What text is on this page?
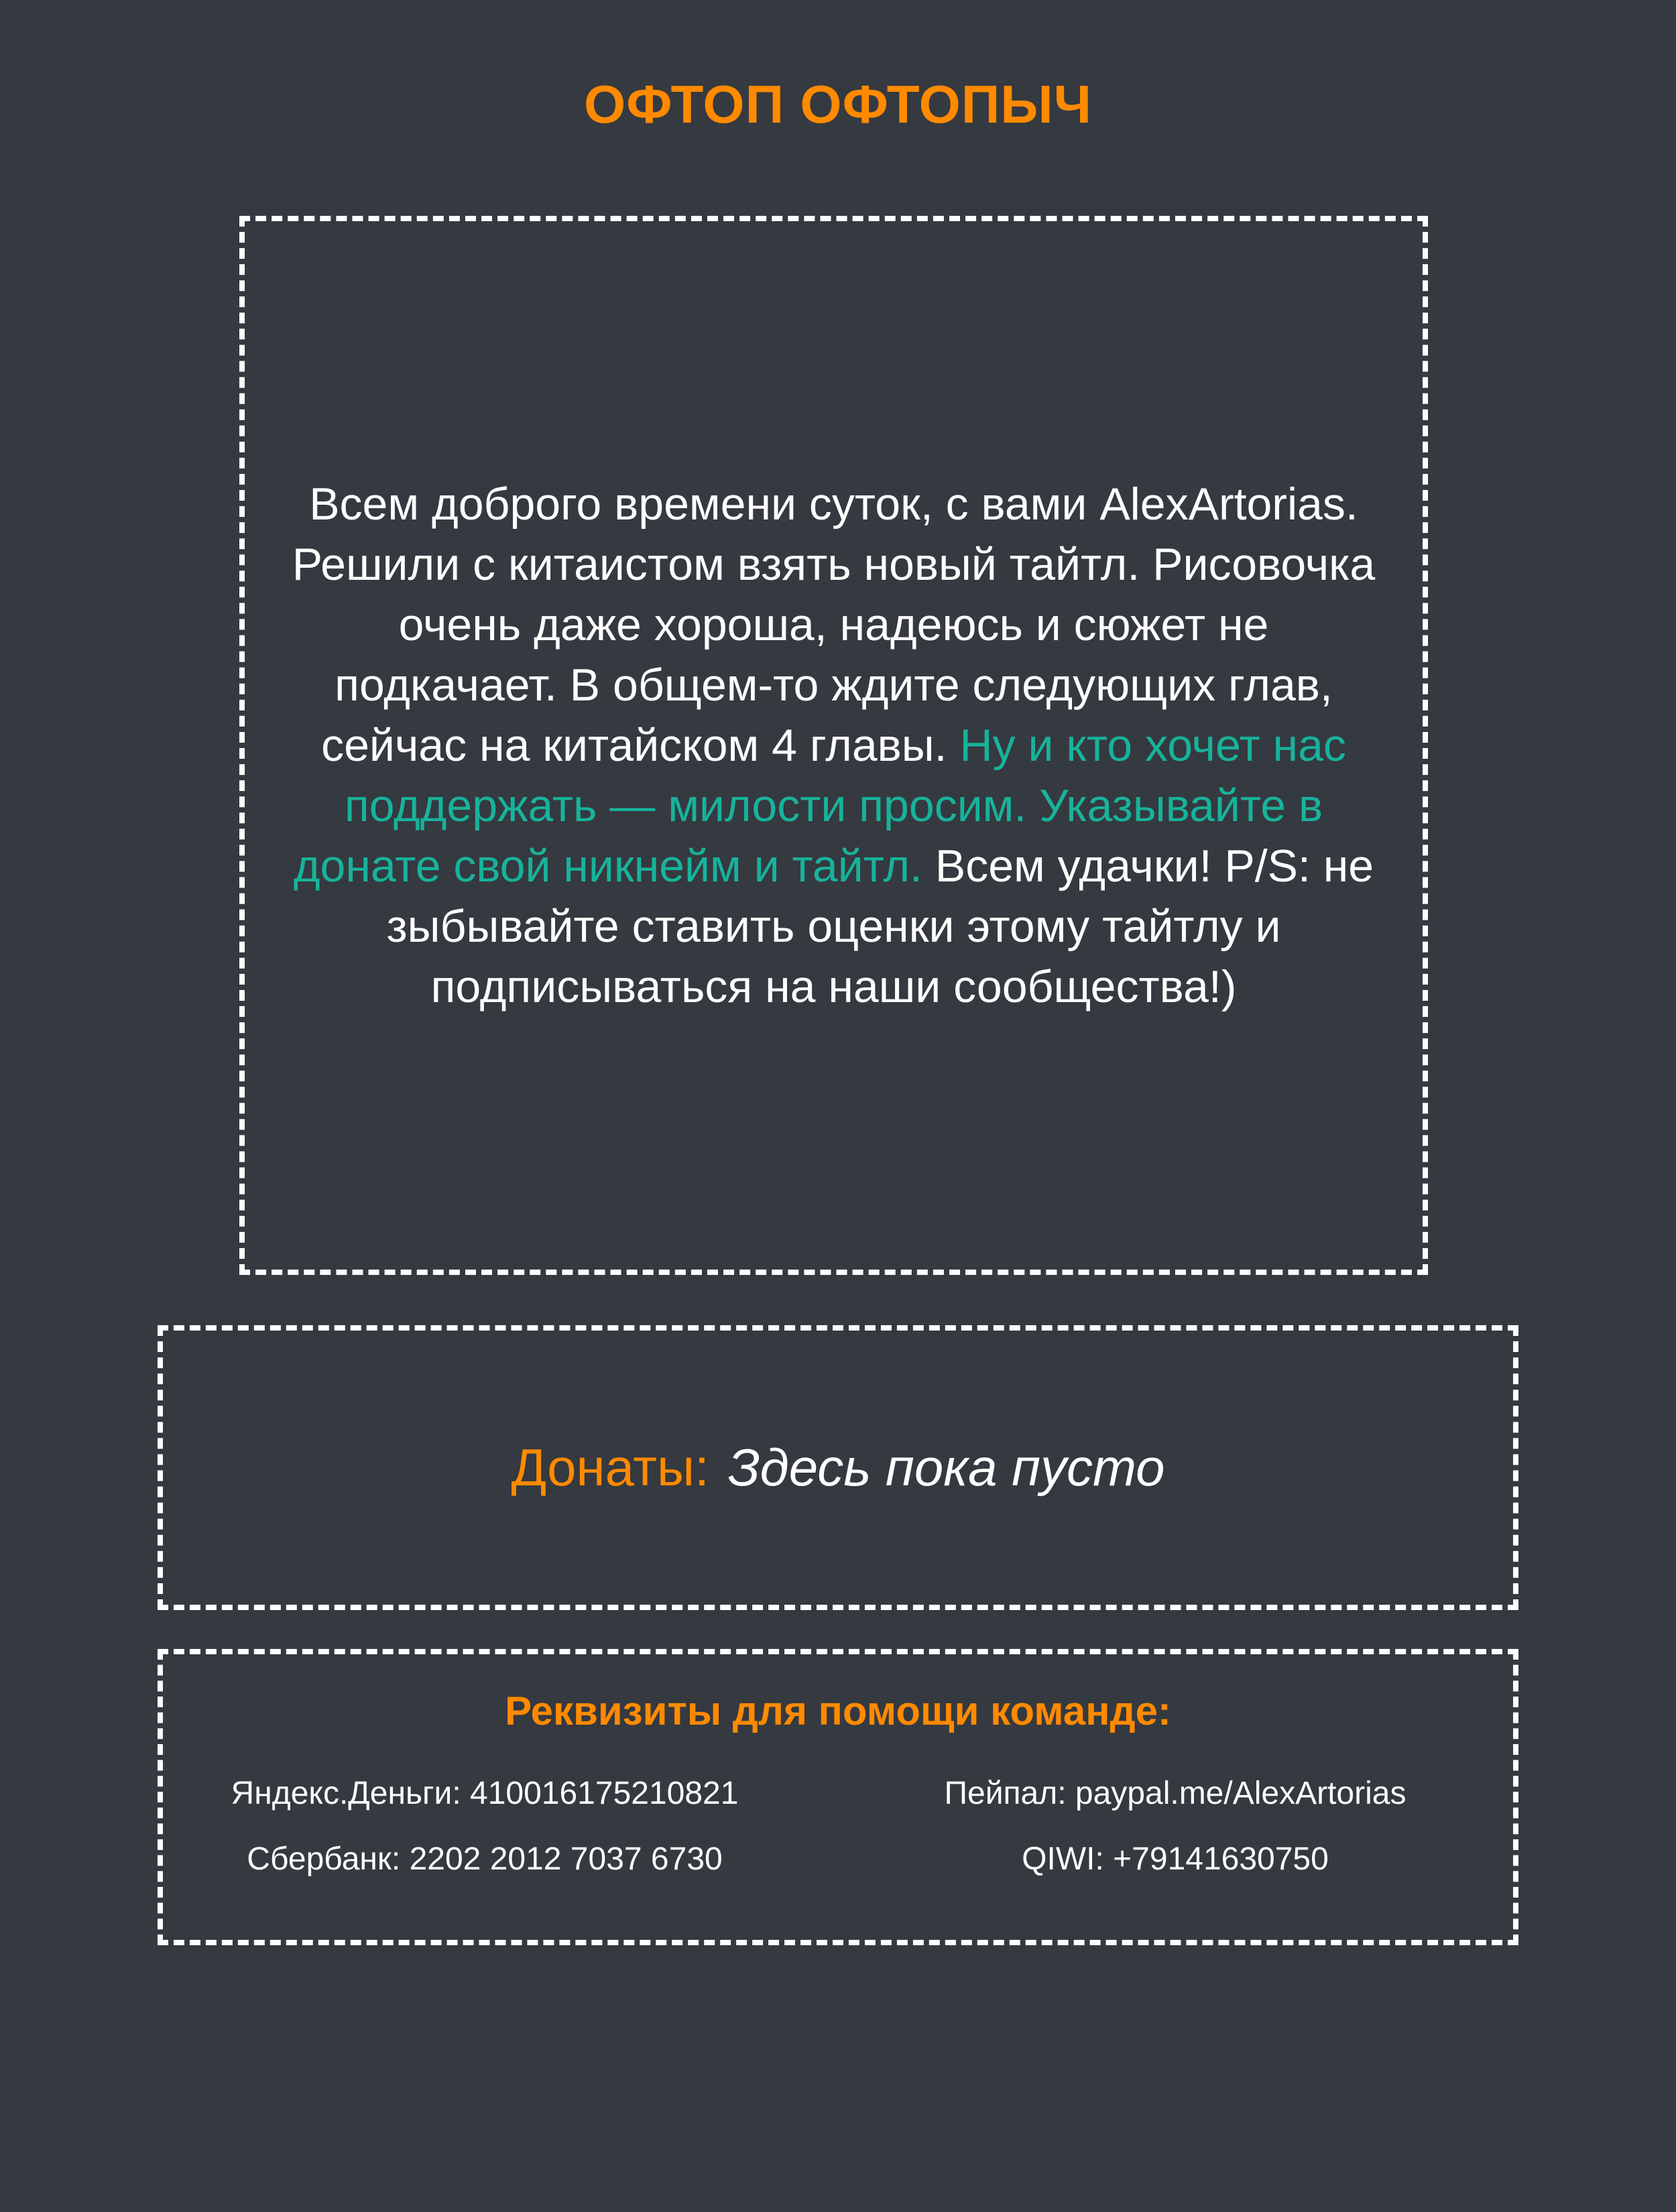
ОФТОП ОФТОПЫЧ
Всем доброго времени суток, с вами AlexArtorias. Решили с китаистом взять новый тайтл. Рисовочка очень даже хороша, надеюсь и сюжет не подкачает. В общем-то ждите следующих глав, сейчас на китайском 4 главы. Ну и кто хочет нас поддержать — милости просим. Указывайте в донате свой никнейм и тайтл. Всем удачки! P/S: не зыбывайте ставить оценки этому тайтлу и подписываться на наши сообщества!)
Донаты: Здесь пока пусто
Реквизиты для помощи команде:
Яндекс.Деньги: 410016175210821	Пейпал: paypal.me/AlexArtorias
Сбербанк: 2202 2012 7037 6730	QIWI: +79141630750
